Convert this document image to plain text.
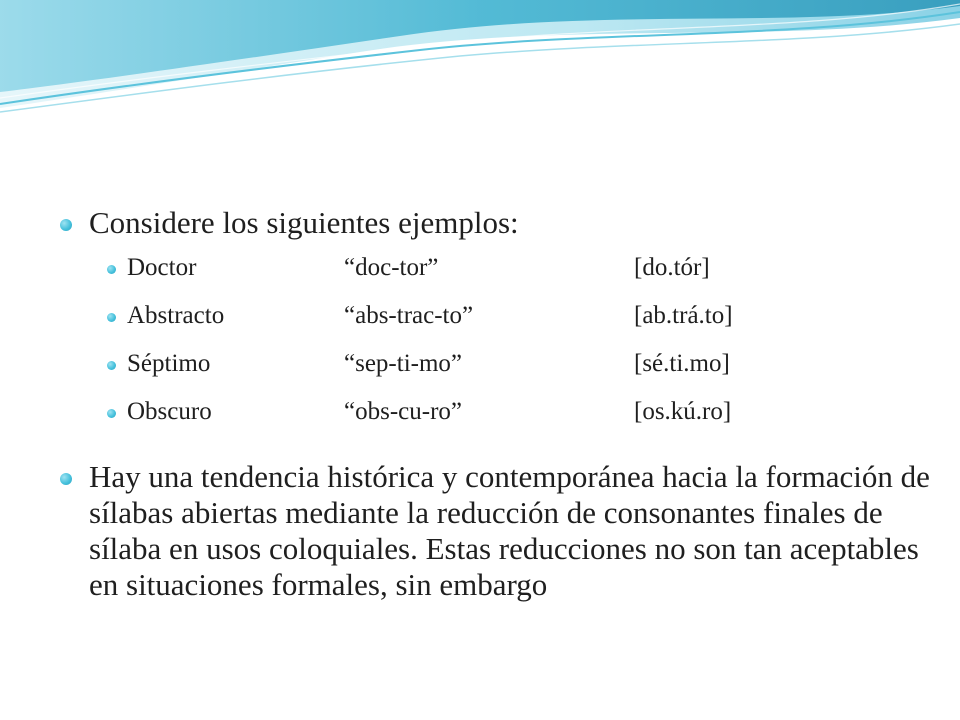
Considere los siguientes ejemplos:
Doctor	“doc-tor”	[do.tór]
Abstracto	“abs-trac-to”	[ab.trá.to]
Séptimo	“sep-ti-mo”	[sé.ti.mo]
Obscuro	“obs-cu-ro”	[os.kú.ro]
Hay una tendencia histórica y contemporánea hacia la formación de sílabas abiertas mediante la reducción de consonantes finales de sílaba en usos coloquiales. Estas reducciones no son tan aceptables en situaciones formales, sin embargo
